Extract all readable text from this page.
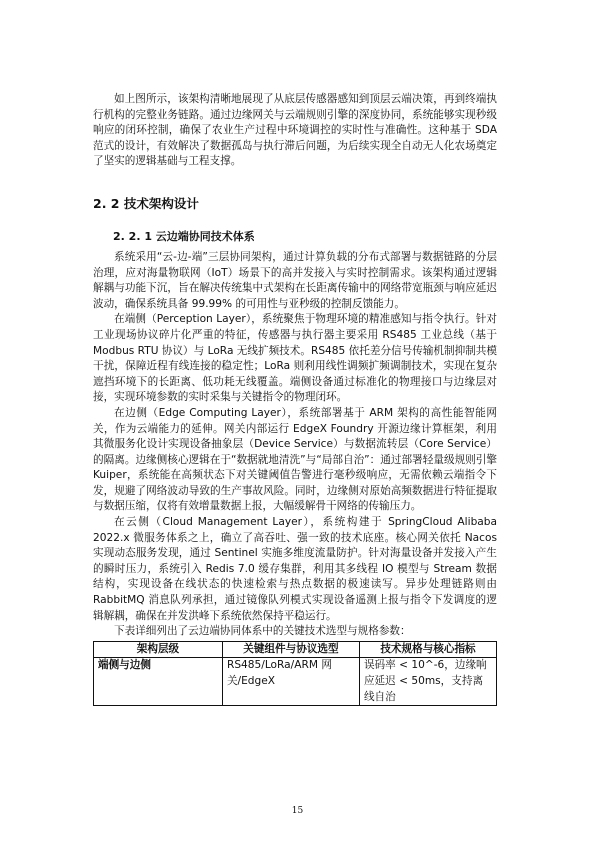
如上图所示，该架构清晰地展现了从底层传感器感知到顶层云端决策，再到终端执行机构的完整业务链路。通过边缘网关与云端规则引擎的深度协同，系统能够实现秒级响应的闭环控制，确保了农业生产过程中环境调控的实时性与准确性。这种基于 SDA 范式的设计，有效解决了数据孤岛与执行滞后问题，为后续实现全自动无人化农场奠定了坚实的逻辑基础与工程支撑。

2. 2 技术架构设计
2. 2. 1 云边端协同技术体系

系统采用“云-边-端”三层协同架构，通过计算负载的分布式部署与数据链路的分层治理，应对海量物联网（IoT）场景下的高并发接入与实时控制需求。该架构通过逻辑解耦与功能下沉，旨在解决传统集中式架构在长距离传输中的网络带宽瓶颈与响应延迟波动，确保系统具备 99.99% 的可用性与亚秒级的控制反馈能力。

在端侧（Perception Layer），系统聚焦于物理环境的精准感知与指令执行。针对工业现场协议碎片化严重的特征，传感器与执行器主要采用 RS485 工业总线（基于 Modbus RTU 协议）与 LoRa 无线扩频技术。RS485 依托差分信号传输机制抑制共模干扰，保障近程有线连接的稳定性；LoRa 则利用线性调频扩频调制技术，实现在复杂遮挡环境下的长距离、低功耗无线覆盖。端侧设备通过标准化的物理接口与边缘层对接，实现环境参数的实时采集与关键指令的物理闭环。

在边侧（Edge Computing Layer），系统部署基于 ARM 架构的高性能智能网关，作为云端能力的延伸。网关内部运行 EdgeX Foundry 开源边缘计算框架，利用其微服务化设计实现设备抽象层（Device Service）与数据流转层（Core Service）的隔离。边缘侧核心逻辑在于“数据就地清洗”与“局部自治”：通过部署轻量级规则引擎 Kuiper，系统能在高频状态下对关键阈值告警进行毫秒级响应，无需依赖云端指令下发，规避了网络波动导致的生产事故风险。同时，边缘侧对原始高频数据进行特征提取与数据压缩，仅将有效增量数据上报，大幅缓解骨干网络的传输压力。

在云侧（Cloud Management Layer），系统构建于 SpringCloud Alibaba 2022.x 微服务体系之上，确立了高吞吐、强一致的技术底座。核心网关依托 Nacos 实现动态服务发现，通过 Sentinel 实施多维度流量防护。针对海量设备并发接入产生的瞬时压力，系统引入 Redis 7.0 缓存集群，利用其多线程 IO 模型与 Stream 数据结构，实现设备在线状态的快速检索与热点数据的极速读写。异步处理链路则由 RabbitMQ 消息队列承担，通过镜像队列模式实现设备遥测上报与指令下发调度的逻辑解耦，确保在并发洪峰下系统依然保持平稳运行。

下表详细列出了云边端协同体系中的关键技术选型与规格参数：

架构层级	关键组件与协议选型	技术规格与核心指标
端侧与边侧	RS485/LoRa/ARM 网关/EdgeX	误码率 < 10^-6，边缘响应延迟 < 50ms，支持离线自治
15
